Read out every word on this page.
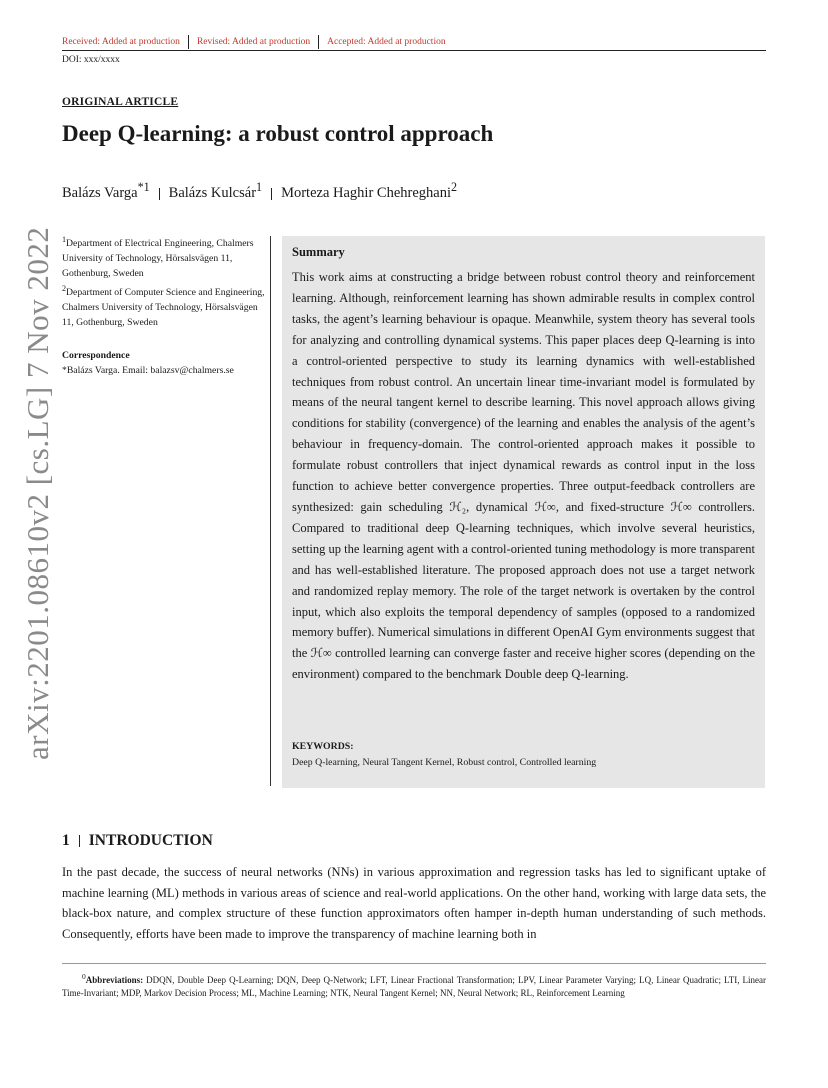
Received: Added at production Revised: Added at production Accepted: Added at production
DOI: xxx/xxxx
arXiv:2201.08610v2 [cs.LG] 7 Nov 2022
ORIGINAL ARTICLE
Deep Q-learning: a robust control approach
Balázs Varga$^{*1}$ Balázs Kulcsár$^1$ Morteza Haghir Chehreghani$^2$

$^1$Department of Electrical Engineering, Chalmers University of Technology, Hörsalsvägen 11, Gothenburg, Sweden

$^2$Department of Computer Science and Engineering, Chalmers University of Technology, Hörsalsvägen 11, Gothenburg, Sweden

Correspondence
*Balázs Varga. Email: balazsv@chalmers.se
Summary
This work aims at constructing a bridge between robust control theory and reinforcement learning. Although, reinforcement learning has shown admirable results in complex control tasks, the agent’s learning behaviour is opaque. Meanwhile, system theory has several tools for analyzing and controlling dynamical systems. This paper places deep Q-learning is into a control-oriented perspective to study its learning dynamics with well-established techniques from robust control. An uncertain linear time-invariant model is formulated by means of the neural tangent kernel to describe learning. This novel approach allows giving conditions for stability (convergence) of the learning and enables the analysis of the agent’s behaviour in frequency-domain. The control-oriented approach makes it possible to formulate robust controllers that inject dynamical rewards as control input in the loss function to achieve better convergence properties. Three output-feedback controllers are synthesized: gain scheduling ℋ₂, dynamical ℋ∞, and fixed-structure ℋ∞ controllers. Compared to traditional deep Q-learning techniques, which involve several heuristics, setting up the learning agent with a control-oriented tuning methodology is more transparent and has well-established literature. The proposed approach does not use a target network and randomized replay memory. The role of the target network is overtaken by the control input, which also exploits the temporal dependency of samples (opposed to a randomized memory buffer). Numerical simulations in different OpenAI Gym environments suggest that the ℋ∞ controlled learning can converge faster and receive higher scores (depending on the environment) compared to the benchmark Double deep Q-learning.
KEYWORDS:
Deep Q-learning, Neural Tangent Kernel, Robust control, Controlled learning
1 INTRODUCTION
In the past decade, the success of neural networks (NNs) in various approximation and regression tasks has led to significant uptake of machine learning (ML) methods in various areas of science and real-world applications. On the other hand, working with large data sets, the black-box nature, and complex structure of these function approximators often hamper in-depth human understanding of such methods. Consequently, efforts have been made to improve the transparency of machine learning both in
$^0$Abbreviations: DDQN, Double Deep Q-Learning; DQN, Deep Q-Network; LFT, Linear Fractional Transformation; LPV, Linear Parameter Varying; LQ, Linear Quadratic; LTI, Linear Time-Invariant; MDP, Markov Decision Process; ML, Machine Learning; NTK, Neural Tangent Kernel; NN, Neural Network; RL, Reinforcement Learning
